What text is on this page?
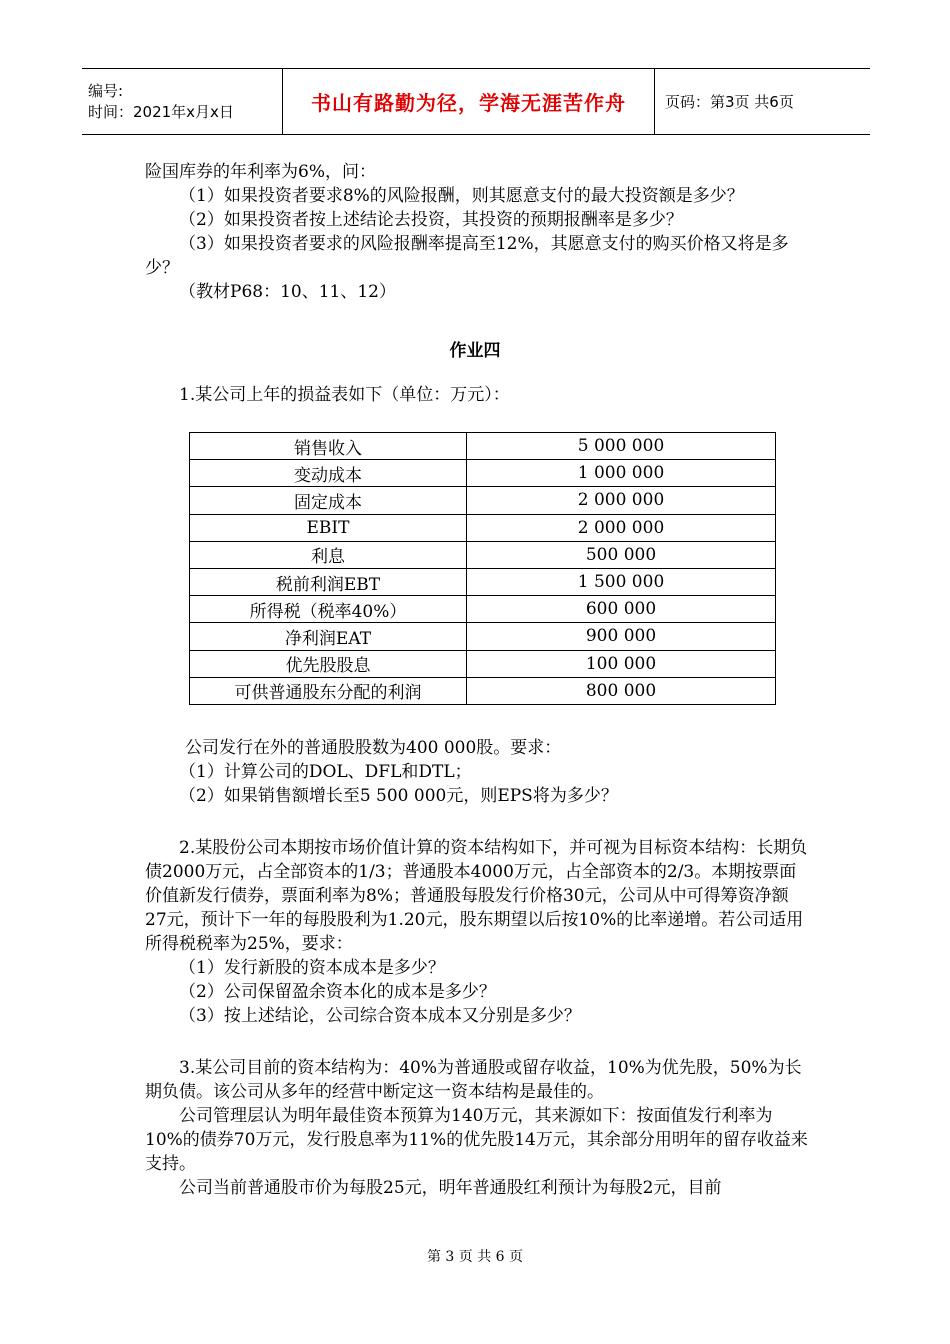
编号:
时间：2021年x月x日	书山有路勤为径，学海无涯苦作舟	页码：第3页 共6页

险国库券的年利率为6%，问：

（1）如果投资者要求8%的风险报酬，则其愿意支付的最大投资额是多少？

（2）如果投资者按上述结论去投资，其投资的预期报酬率是多少？

（3）如果投资者要求的风险报酬率提高至12%，其愿意支付的购买价格又将是多少？

（教材P68：10、11、12）

作业四

1.某公司上年的损益表如下（单位：万元）：

销售收入	5 000 000
变动成本	1 000 000
固定成本	2 000 000
EBIT	2 000 000
利息	500 000
税前利润EBT	1 500 000
所得税（税率40%）	600 000
净利润EAT	900 000
优先股股息	100 000
可供普通股东分配的利润	800 000

公司发行在外的普通股股数为400 000股。要求：

（1）计算公司的DOL、DFL和DTL；

（2）如果销售额增长至5 500 000元，则EPS将为多少？

2.某股份公司本期按市场价值计算的资本结构如下，并可视为目标资本结构：长期负债2000万元，占全部资本的1/3；普通股本4000万元，占全部资本的2/3。本期按票面价值新发行债券，票面利率为8%；普通股每股发行价格30元，公司从中可得筹资净额27元，预计下一年的每股股利为1.20元，股东期望以后按10%的比率递增。若公司适用所得税税率为25%，要求：

（1）发行新股的资本成本是多少？

（2）公司保留盈余资本化的成本是多少？

（3）按上述结论，公司综合资本成本又分别是多少？

3.某公司目前的资本结构为：40%为普通股或留存收益，10%为优先股，50%为长期负债。该公司从多年的经营中断定这一资本结构是最佳的。

公司管理层认为明年最佳资本预算为140万元，其来源如下：按面值发行利率为10%的债券70万元，发行股息率为11%的优先股14万元，其余部分用明年的留存收益来支持。

公司当前普通股市价为每股25元，明年普通股红利预计为每股2元，目前

第 3 页 共 6 页
